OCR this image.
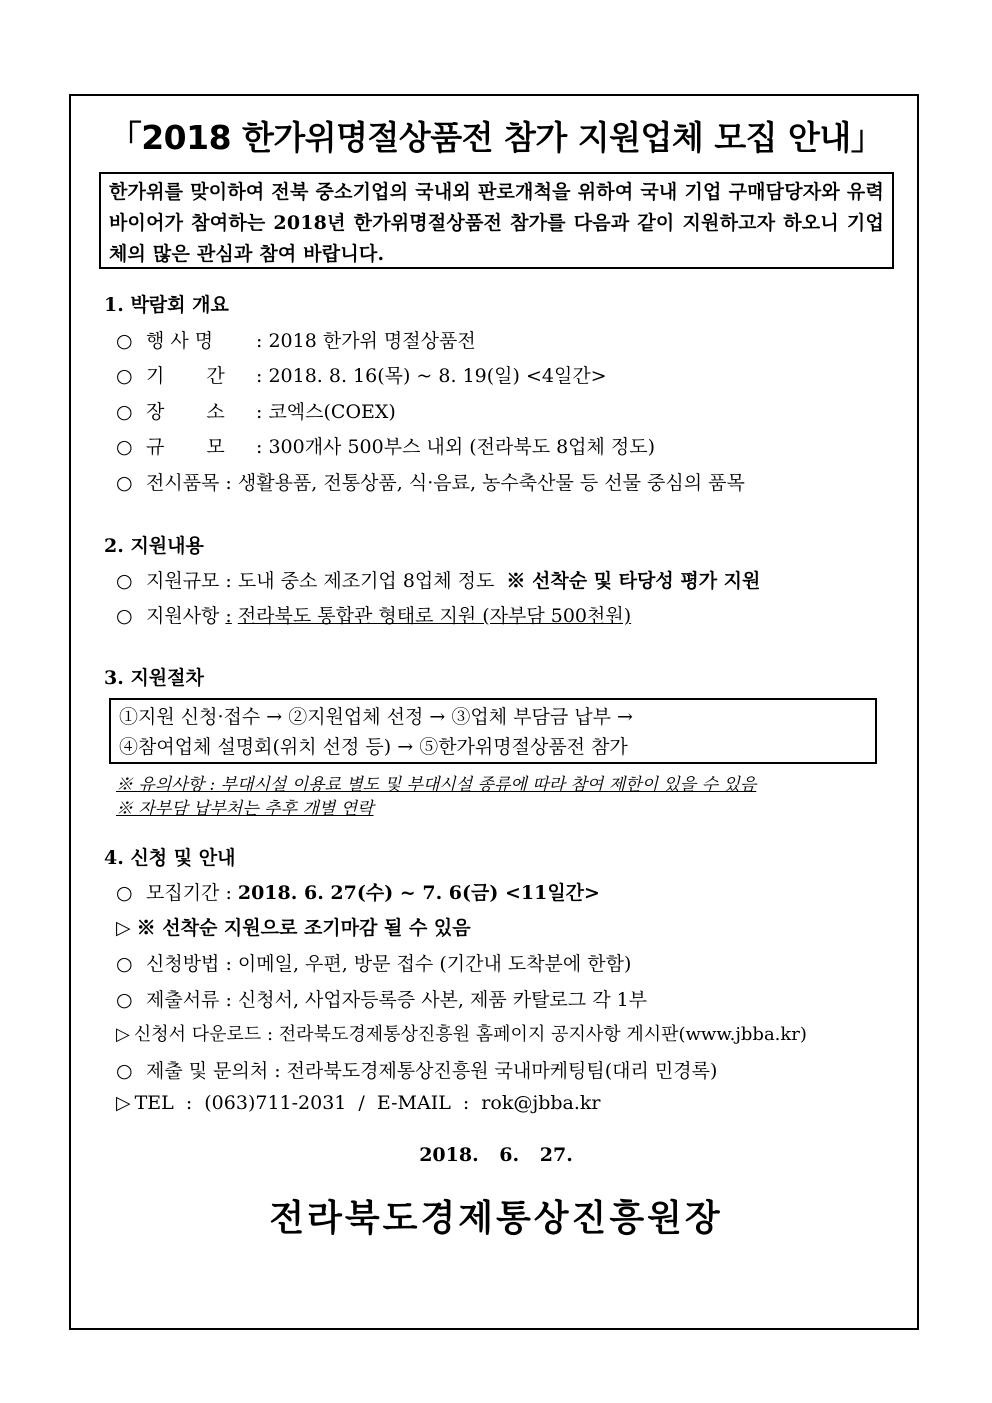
「2018 한가위명절상품전 참가 지원업체 모집 안내」
한가위를 맞이하여 전북 중소기업의 국내외 판로개척을 위하여 국내 기업 구매담당자와 유력바이어가 참여하는 2018년 한가위명절상품전 참가를 다음과 같이 지원하고자 하오니 기업체의 많은 관심과 참여 바랍니다.
1. 박람회 개요
○ 행 사 명 : 2018 한가위 명절상품전
○ 기 간 : 2018. 8. 16(목) ~ 8. 19(일) <4일간>
○ 장 소 : 코엑스(COEX)
○ 규 모 : 300개사 500부스 내외 (전라북도 8업체 정도)
○ 전시품목 : 생활용품, 전통상품, 식·음료, 농수축산물 등 선물 중심의 품목
2. 지원내용
○ 지원규모 : 도내 중소 제조기업 8업체 정도 ※ 선착순 및 타당성 평가 지원
○ 지원사항 : 전라북도 통합관 형태로 지원 (자부담 500천원)
3. 지원절차
①지원 신청·접수 → ②지원업체 선정 → ③업체 부담금 납부 →
④참여업체 설명회(위치 선정 등) → ⑤한가위명절상품전 참가
※ 유의사항 : 부대시설 이용료 별도 및 부대시설 종류에 따라 참여 제한이 있을 수 있음
※ 자부담 납부처는 추후 개별 연락
4. 신청 및 안내
○ 모집기간 : 2018. 6. 27(수) ~ 7. 6(금) <11일간>
▷ ※ 선착순 지원으로 조기마감 될 수 있음
○ 신청방법 : 이메일, 우편, 방문 접수 (기간내 도착분에 한함)
○ 제출서류 : 신청서, 사업자등록증 사본, 제품 카탈로그 각 1부
▷ 신청서 다운로드 : 전라북도경제통상진흥원 홈페이지 공지사항 게시판(www.jbba.kr)
○ 제출 및 문의처 : 전라북도경제통상진흥원 국내마케팅팀(대리 민경록)
▷ TEL : (063)711-2031 / E-MAIL : rok@jbba.kr
2018. 6. 27.
전라북도경제통상진흥원장
